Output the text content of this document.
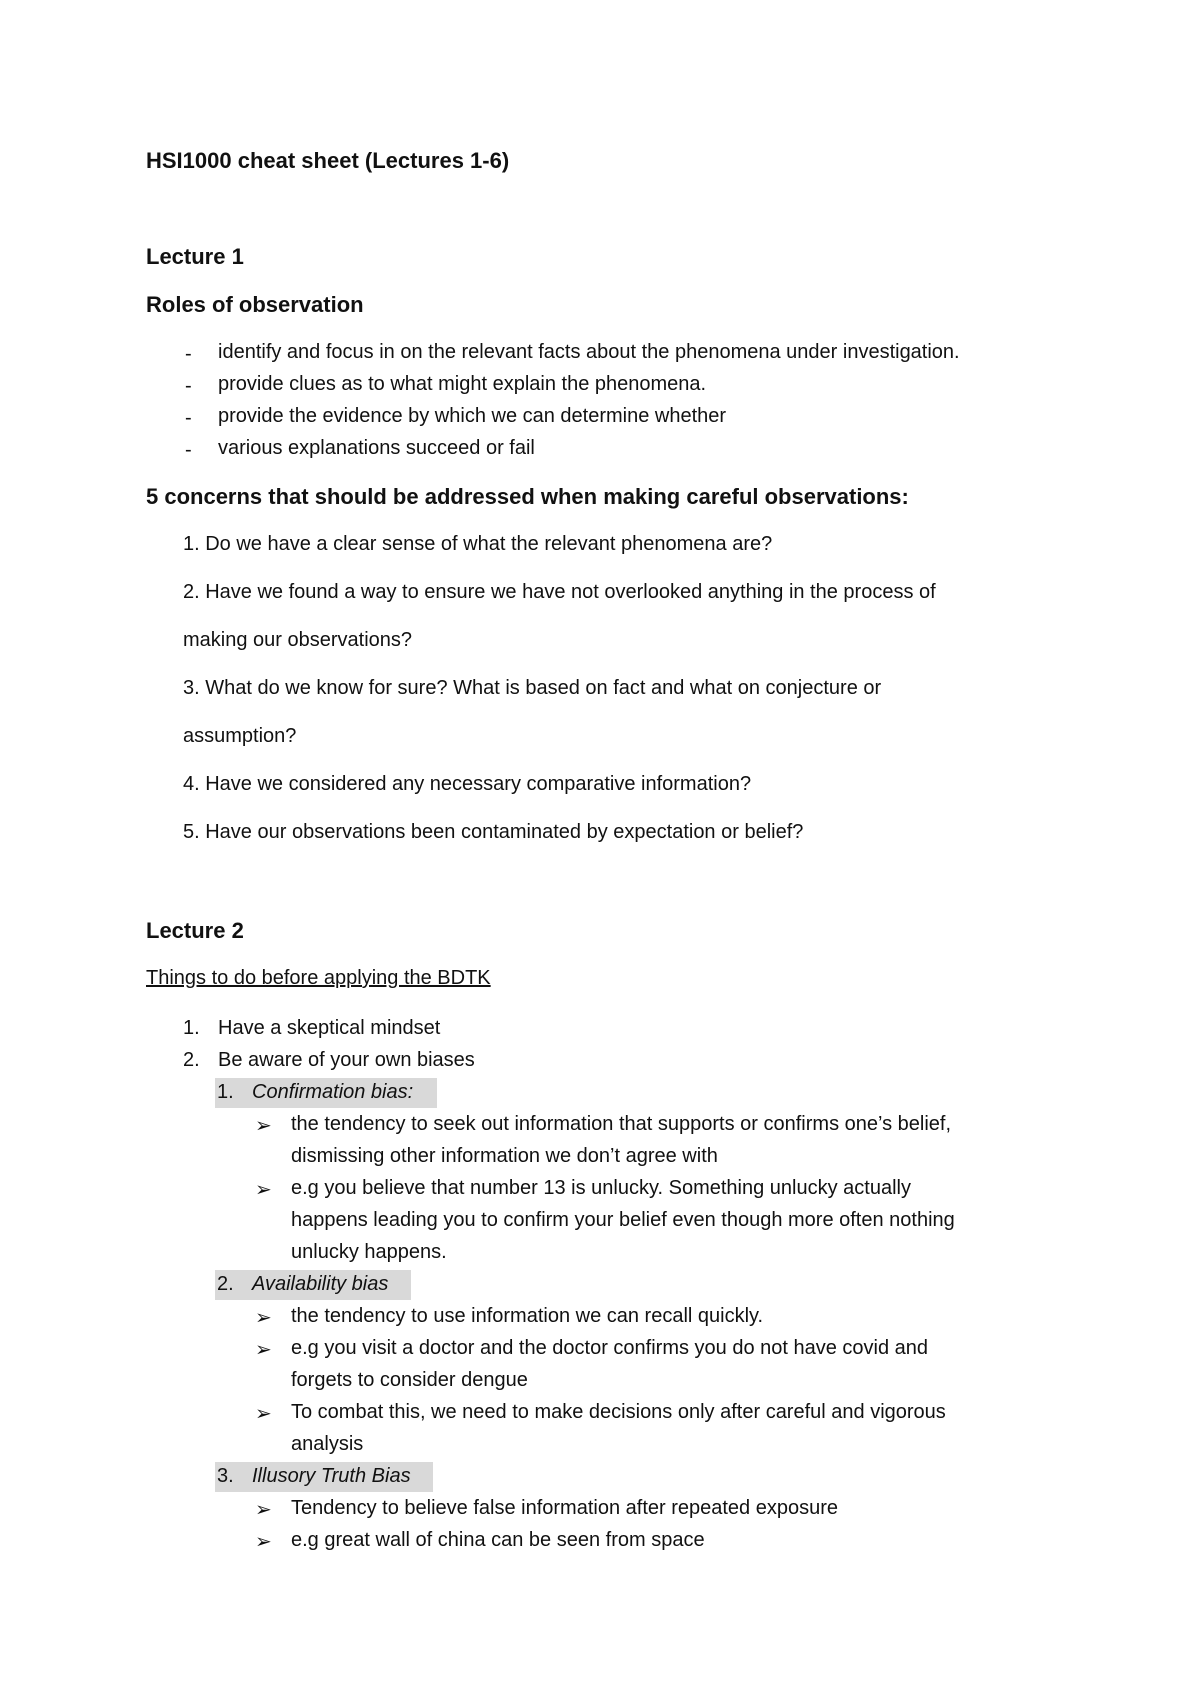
HSI1000 cheat sheet (Lectures 1-6)
Lecture 1
Roles of observation
- identify and focus in on the relevant facts about the phenomena under investigation.
- provide clues as to what might explain the phenomena.
- provide the evidence by which we can determine whether
- various explanations succeed or fail
5 concerns that should be addressed when making careful observations:
1. Do we have a clear sense of what the relevant phenomena are?
2. Have we found a way to ensure we have not overlooked anything in the process of
making our observations?
3. What do we know for sure? What is based on fact and what on conjecture or
assumption?
4. Have we considered any necessary comparative information?
5. Have our observations been contaminated by expectation or belief?
Lecture 2
Things to do before applying the BDTK
1. Have a skeptical mindset
2. Be aware of your own biases
1. Confirmation bias:
➢ the tendency to seek out information that supports or confirms one’s belief,
dismissing other information we don’t agree with
➢ e.g you believe that number 13 is unlucky. Something unlucky actually
happens leading you to confirm your belief even though more often nothing
unlucky happens.
2. Availability bias
➢ the tendency to use information we can recall quickly.
➢ e.g you visit a doctor and the doctor confirms you do not have covid and
forgets to consider dengue
➢ To combat this, we need to make decisions only after careful and vigorous
analysis
3. Illusory Truth Bias
➢ Tendency to believe false information after repeated exposure
➢ e.g great wall of china can be seen from space
